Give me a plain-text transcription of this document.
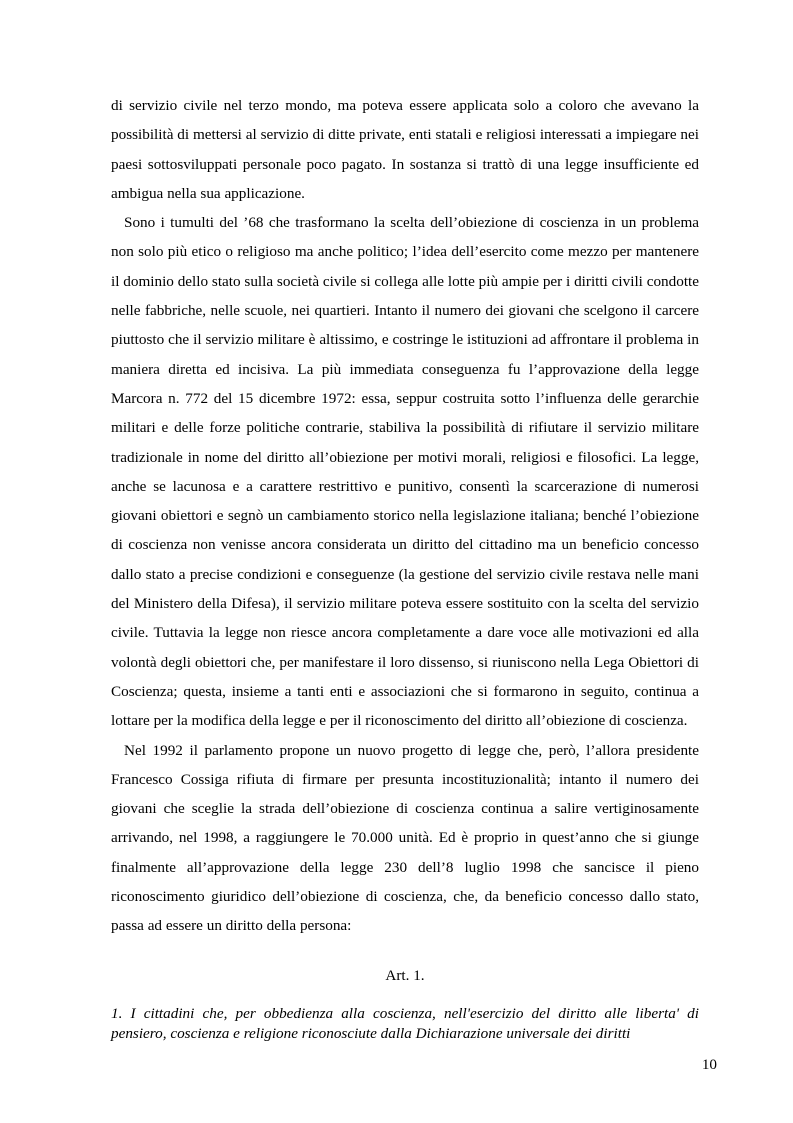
di servizio civile nel terzo mondo, ma poteva essere applicata solo a coloro che avevano la possibilità di mettersi al servizio di ditte private, enti statali e religiosi interessati a impiegare nei paesi sottosviluppati personale poco pagato. In sostanza si trattò di una legge insufficiente ed ambigua nella sua applicazione.

Sono i tumulti del ’68 che trasformano la scelta dell’obiezione di coscienza in un problema non solo più etico o religioso ma anche politico; l’idea dell’esercito come mezzo per mantenere il dominio dello stato sulla società civile si collega alle lotte più ampie per i diritti civili condotte nelle fabbriche, nelle scuole, nei quartieri. Intanto il numero dei giovani che scelgono il carcere piuttosto che il servizio militare è altissimo, e costringe le istituzioni ad affrontare il problema in maniera diretta ed incisiva. La più immediata conseguenza fu l’approvazione della legge Marcora n. 772 del 15 dicembre 1972: essa, seppur costruita sotto l’influenza delle gerarchie militari e delle forze politiche contrarie, stabiliva la possibilità di rifiutare il servizio militare tradizionale in nome del diritto all’obiezione per motivi morali, religiosi e filosofici. La legge, anche se lacunosa e a carattere restrittivo e punitivo, consentì la scarcerazione di numerosi giovani obiettori e segnò un cambiamento storico nella legislazione italiana; benché l’obiezione di coscienza non venisse ancora considerata un diritto del cittadino ma un beneficio concesso dallo stato a precise condizioni e conseguenze (la gestione del servizio civile restava nelle mani del Ministero della Difesa), il servizio militare poteva essere sostituito con la scelta del servizio civile. Tuttavia la legge non riesce ancora completamente a dare voce alle motivazioni ed alla volontà degli obiettori che, per manifestare il loro dissenso, si riuniscono nella Lega Obiettori di Coscienza; questa, insieme a tanti enti e associazioni che si formarono in seguito, continua a lottare per la modifica della legge e per il riconoscimento del diritto all’obiezione di coscienza.

Nel 1992 il parlamento propone un nuovo progetto di legge che, però, l’allora presidente Francesco Cossiga rifiuta di firmare per presunta incostituzionalità; intanto il numero dei giovani che sceglie la strada dell’obiezione di coscienza continua a salire vertiginosamente arrivando, nel 1998, a raggiungere le 70.000 unità. Ed è proprio in quest’anno che si giunge finalmente all’approvazione della legge 230 dell’8 luglio 1998 che sancisce il pieno riconoscimento giuridico dell’obiezione di coscienza, che, da beneficio concesso dallo stato, passa ad essere un diritto della persona:

Art. 1.

1. I cittadini che, per obbedienza alla coscienza, nell'esercizio del diritto alle liberta' di pensiero, coscienza e religione riconosciute dalla Dichiarazione universale dei diritti

10
